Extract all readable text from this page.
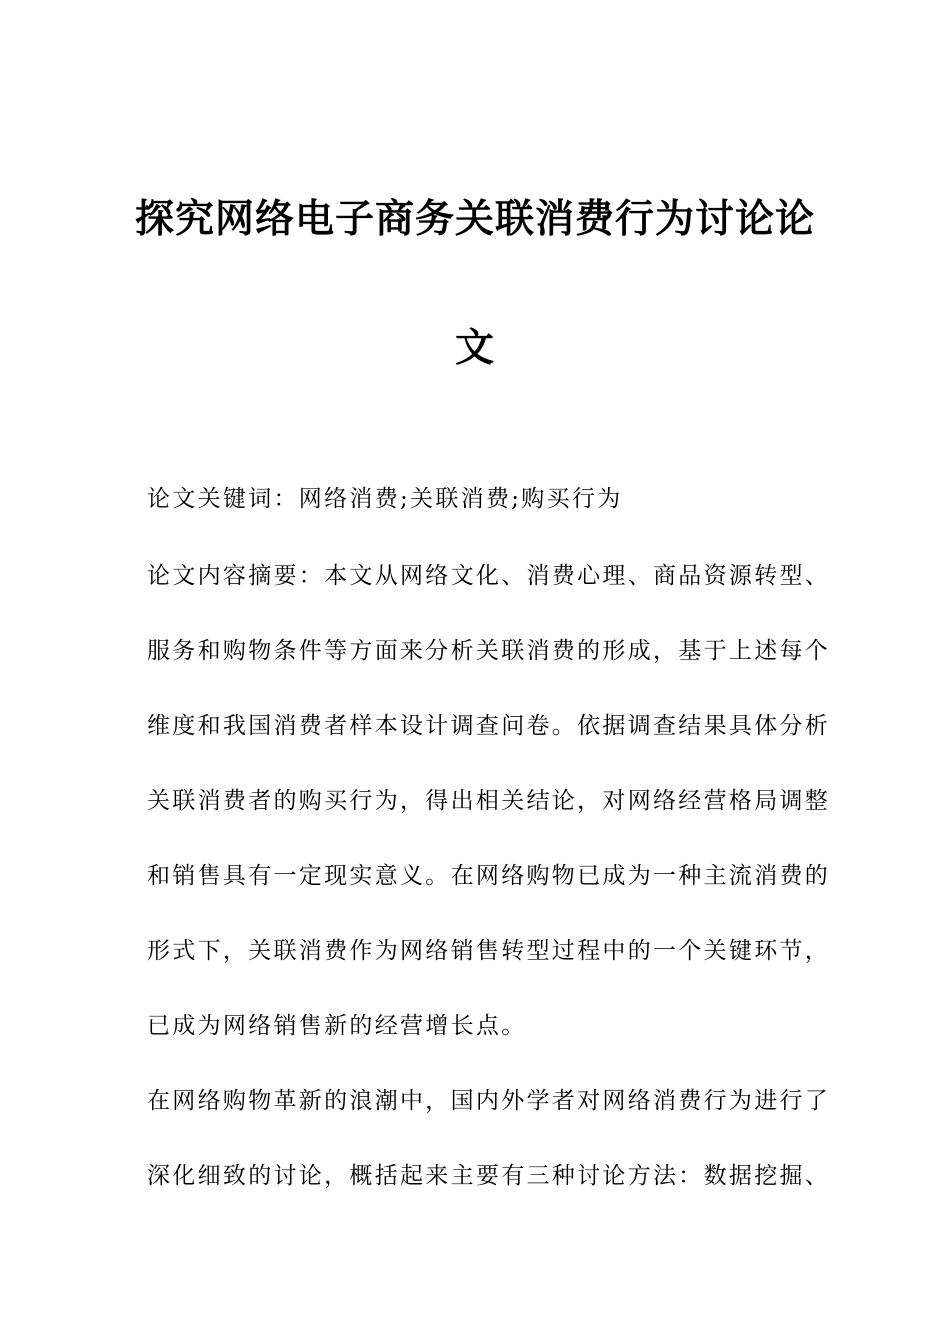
探究网络电子商务关联消费行为讨论论
文
论文关键词：网络消费;关联消费;购买行为
论文内容摘要：本文从网络文化、消费心理、商品资源转型、
服务和购物条件等方面来分析关联消费的形成，基于上述每个
维度和我国消费者样本设计调查问卷。依据调查结果具体分析
关联消费者的购买行为，得出相关结论，对网络经营格局调整
和销售具有一定现实意义。在网络购物已成为一种主流消费的
形式下，关联消费作为网络销售转型过程中的一个关键环节，
已成为网络销售新的经营增长点。
在网络购物革新的浪潮中，国内外学者对网络消费行为进行了
深化细致的讨论，概括起来主要有三种讨论方法：数据挖掘、
